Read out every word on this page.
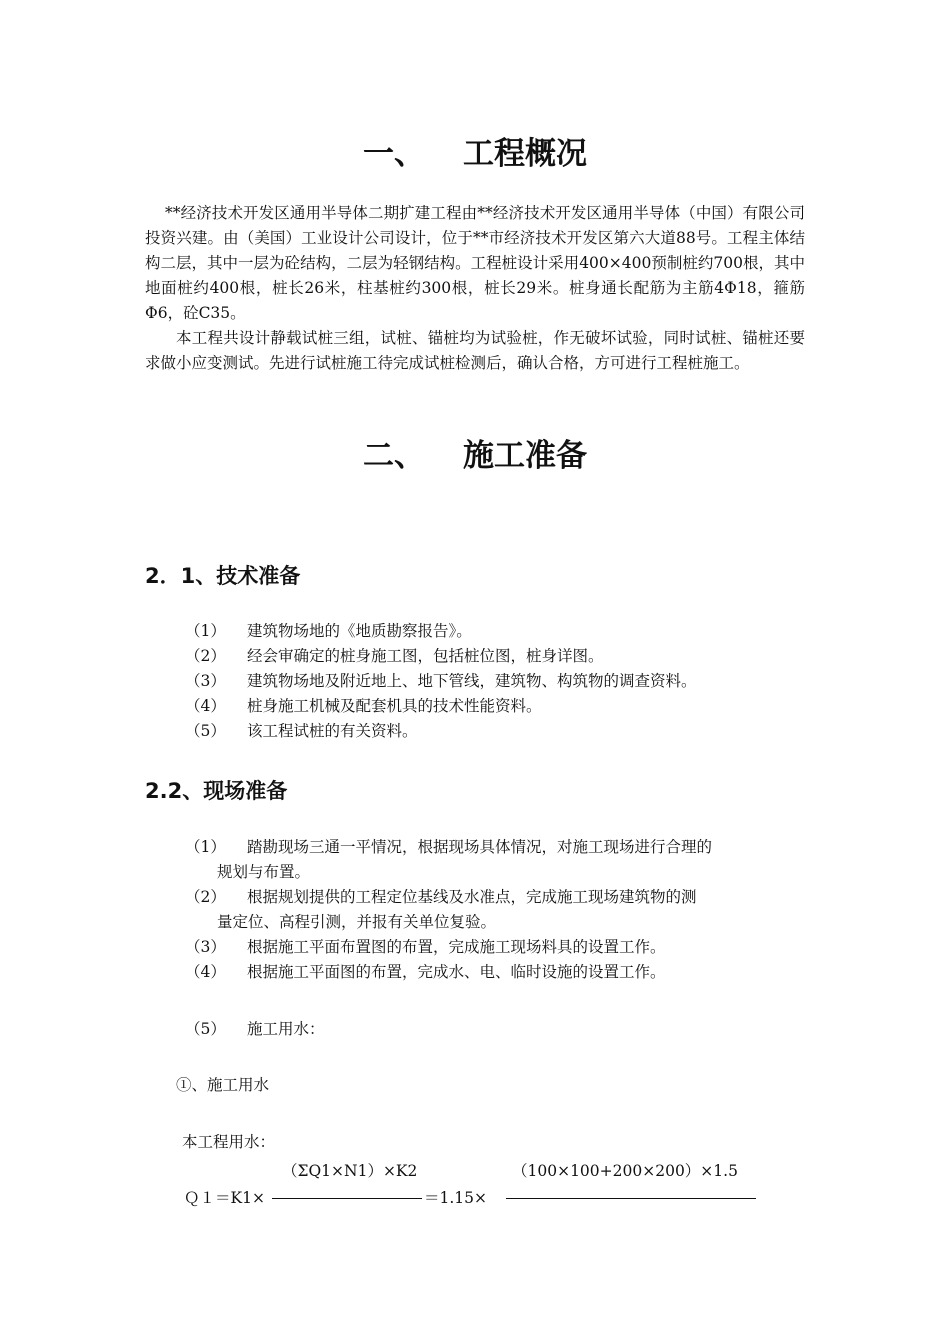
一、 工程概况
**经济技术开发区通用半导体二期扩建工程由**经济技术开发区通用半导体（中国）有限公司投资兴建。由（美国）工业设计公司设计，位于**市经济技术开发区第六大道88号。工程主体结构二层，其中一层为砼结构，二层为轻钢结构。工程桩设计采用400×400预制桩约700根，其中地面桩约400根，桩长26米，柱基桩约300根，桩长29米。桩身通长配筋为主筋4Φ18，箍筋Φ6，砼C35。
本工程共设计静载试桩三组，试桩、锚桩均为试验桩，作无破坏试验，同时试桩、锚桩还要求做小应变测试。先进行试桩施工待完成试桩检测后，确认合格，方可进行工程桩施工。
二、 施工准备
2．1、技术准备
（1） 建筑物场地的《地质勘察报告》。
（2） 经会审确定的桩身施工图，包括桩位图，桩身详图。
（3） 建筑物场地及附近地上、地下管线，建筑物、构筑物的调查资料。
（4） 桩身施工机械及配套机具的技术性能资料。
（5） 该工程试桩的有关资料。
2.2、现场准备
（1） 踏勘现场三通一平情况，根据现场具体情况，对施工现场进行合理的
规划与布置。
（2） 根据规划提供的工程定位基线及水准点，完成施工现场建筑物的测
量定位、高程引测，并报有关单位复验。
（3） 根据施工平面布置图的布置，完成施工现场料具的设置工作。
（4） 根据施工平面图的布置，完成水、电、临时设施的设置工作。
（5） 施工用水：
①、施工用水
本工程用水：
（ΣQ1×N1）×K2	（100×100+200×200）×1.5
Ｑ１＝K1×	＝1.15×
